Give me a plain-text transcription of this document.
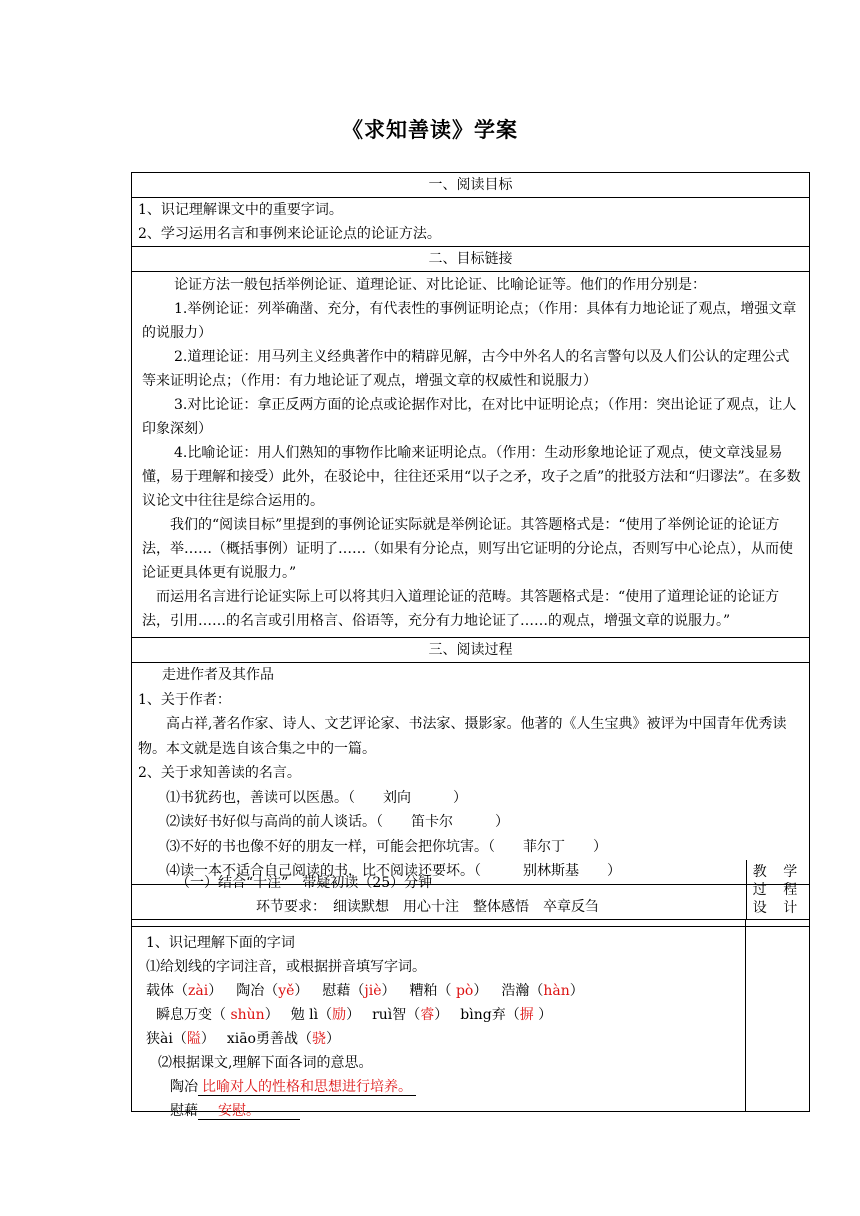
《求知善读》学案
一、阅读目标

1、识记理解课文中的重要字词。

2、学习运用名言和事例来论证论点的论证方法。

二、目标链接

论证方法一般包括举例论证、道理论证、对比论证、比喻论证等。他们的作用分别是：

1.举例论证：列举确凿、充分，有代表性的事例证明论点；（作用：具体有力地论证了观点，增强文章的说服力）

2.道理论证：用马列主义经典著作中的精辟见解，古今中外名人的名言警句以及人们公认的定理公式等来证明论点；（作用：有力地论证了观点，增强文章的权威性和说服力）

3.对比论证：拿正反两方面的论点或论据作对比，在对比中证明论点；（作用：突出论证了观点，让人印象深刻）

4.比喻论证：用人们熟知的事物作比喻来证明论点。（作用：生动形象地论证了观点，使文章浅显易懂，易于理解和接受）此外，在驳论中，往往还采用“以子之矛，攻子之盾”的批驳方法和“归谬法”。在多数议论文中往往是综合运用的。

我们的“阅读目标”里提到的事例论证实际就是举例论证。其答题格式是：“使用了举例论证的论证方法，举……（概括事例）证明了……（如果有分论点，则写出它证明的分论点，否则写中心论点），从而使论证更具体更有说服力。”

而运用名言进行论证实际上可以将其归入道理论证的范畴。其答题格式是：“使用了道理论证的论证方法，引用……的名言或引用格言、俗语等，充分有力地论证了……的观点，增强文章的说服力。”

三、阅读过程

走进作者及其作品

1、关于作者：

高占祥,著名作家、诗人、文艺评论家、书法家、摄影家。他著的《人生宝典》被评为中国青年优秀读物。本文就是选自该合集之中的一篇。

2、关于求知善读的名言。

⑴书犹药也，善读可以医愚。（　　刘向　　　）

⑵读好书好似与高尚的前人谈话。（　　笛卡尔　　　）

⑶不好的书也像不好的朋友一样，可能会把你坑害。（　　菲尔丁　　）

⑷读一本不适合自己阅读的书，比不阅读还要坏。（　　　别林斯基　　）

（一）结合“十注”　带疑初读（25）分钟
环节要求：　细读默想　用心十注　整体感悟　卒章反刍
教 学
过 程
设 计
1、识记理解下面的字词
⑴给划线的字词注音，或根据拼音填写字词。
载体（zài） 陶冶（yě） 慰藉（jiè） 糟粕（ pò） 浩瀚（hàn）
瞬息万变（ shùn） 勉 lì（励） ruì智（睿） bìng弃（摒 ）
狭ài（隘） xiāo勇善战（骁）
⑵根据课文,理解下面各词的意思。
陶冶 比喻对人的性格和思想进行培养。
慰藉 安慰。
